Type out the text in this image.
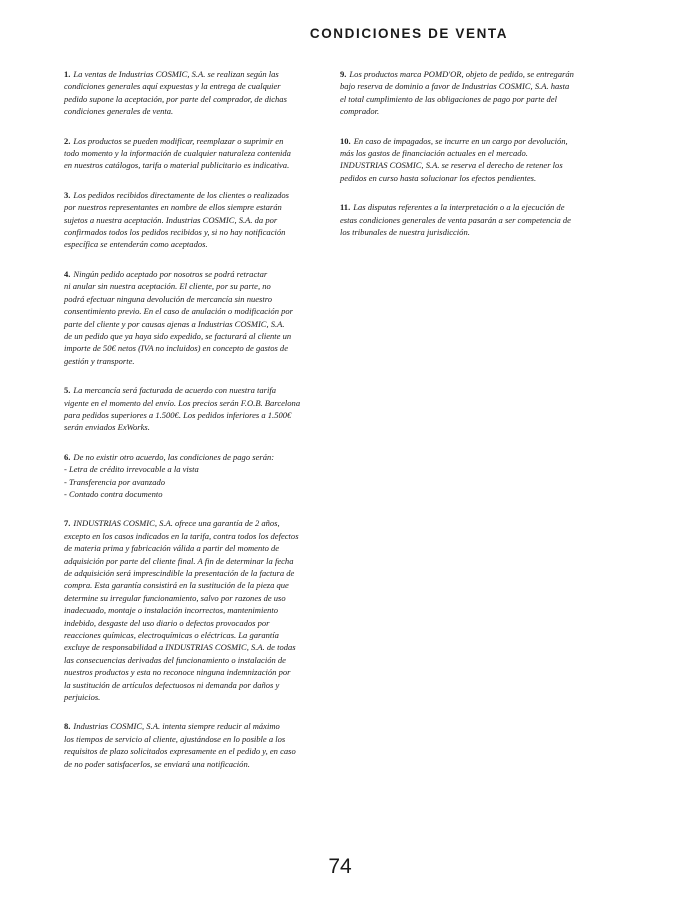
CONDICIONES DE VENTA

1. La ventas de Industrias COSMIC, S.A. se realizan según las
condiciones generales aquí expuestas y la entrega de cualquier
pedido supone la aceptación, por parte del comprador, de dichas
condiciones generales de venta.

2. Los productos se pueden modificar, reemplazar o suprimir en
todo momento y la información de cualquier naturaleza contenida
en nuestros catálogos, tarifa o material publicitario es indicativa.

3. Los pedidos recibidos directamente de los clientes o realizados
por nuestros representantes en nombre de ellos siempre estarán
sujetos a nuestra aceptación. Industrias COSMIC, S.A. da por
confirmados todos los pedidos recibidos y, si no hay notificación
específica se entenderán como aceptados.

4. Ningún pedido aceptado por nosotros se podrá retractar
ni anular sin nuestra aceptación. El cliente, por su parte, no
podrá efectuar ninguna devolución de mercancía sin nuestro
consentimiento previo. En el caso de anulación o modificación por
parte del cliente y por causas ajenas a Industrias COSMIC, S.A.
de un pedido que ya haya sido expedido, se facturará al cliente un
importe de 50€ netos (IVA no incluidos) en concepto de gastos de
gestión y transporte.

5. La mercancía será facturada de acuerdo con nuestra tarifa
vigente en el momento del envío. Los precios serán F.O.B. Barcelona
para pedidos superiores a 1.500€. Los pedidos inferiores a 1.500€
serán enviados ExWorks.

6. De no existir otro acuerdo, las condiciones de pago serán:
- Letra de crédito irrevocable a la vista
- Transferencia por avanzado
- Contado contra documento

7. INDUSTRIAS COSMIC, S.A. ofrece una garantía de 2 años,
excepto en los casos indicados en la tarifa, contra todos los defectos
de materia prima y fabricación válida a partir del momento de
adquisición por parte del cliente final. A fin de determinar la fecha
de adquisición será imprescindible la presentación de la factura de
compra. Esta garantía consistirá en la sustitución de la pieza que
determine su irregular funcionamiento, salvo por razones de uso
inadecuado, montaje o instalación incorrectos, mantenimiento
indebido, desgaste del uso diario o defectos provocados por
reacciones químicas, electroquímicas o eléctricas. La garantía
excluye de responsabilidad a INDUSTRIAS COSMIC, S.A. de todas
las consecuencias derivadas del funcionamiento o instalación de
nuestros productos y esta no reconoce ninguna indemnización por
la sustitución de artículos defectuosos ni demanda por daños y
perjuicios.

8. Industrias COSMIC, S.A. intenta siempre reducir al máximo
los tiempos de servicio al cliente, ajustándose en lo posible a los
requisitos de plazo solicitados expresamente en el pedido y, en caso
de no poder satisfacerlos, se enviará una notificación.

9. Los productos marca POMD'OR, objeto de pedido, se entregarán
bajo reserva de dominio a favor de Industrias COSMIC, S.A. hasta
el total cumplimiento de las obligaciones de pago por parte del
comprador.

10. En caso de impagados, se incurre en un cargo por devolución,
más los gastos de financiación actuales en el mercado.
INDUSTRIAS COSMIC, S.A. se reserva el derecho de retener los
pedidos en curso hasta solucionar los efectos pendientes.

11. Las disputas referentes a la interpretación o a la ejecución de
estas condiciones generales de venta pasarán a ser competencia de
los tribunales de nuestra jurisdicción.

74
